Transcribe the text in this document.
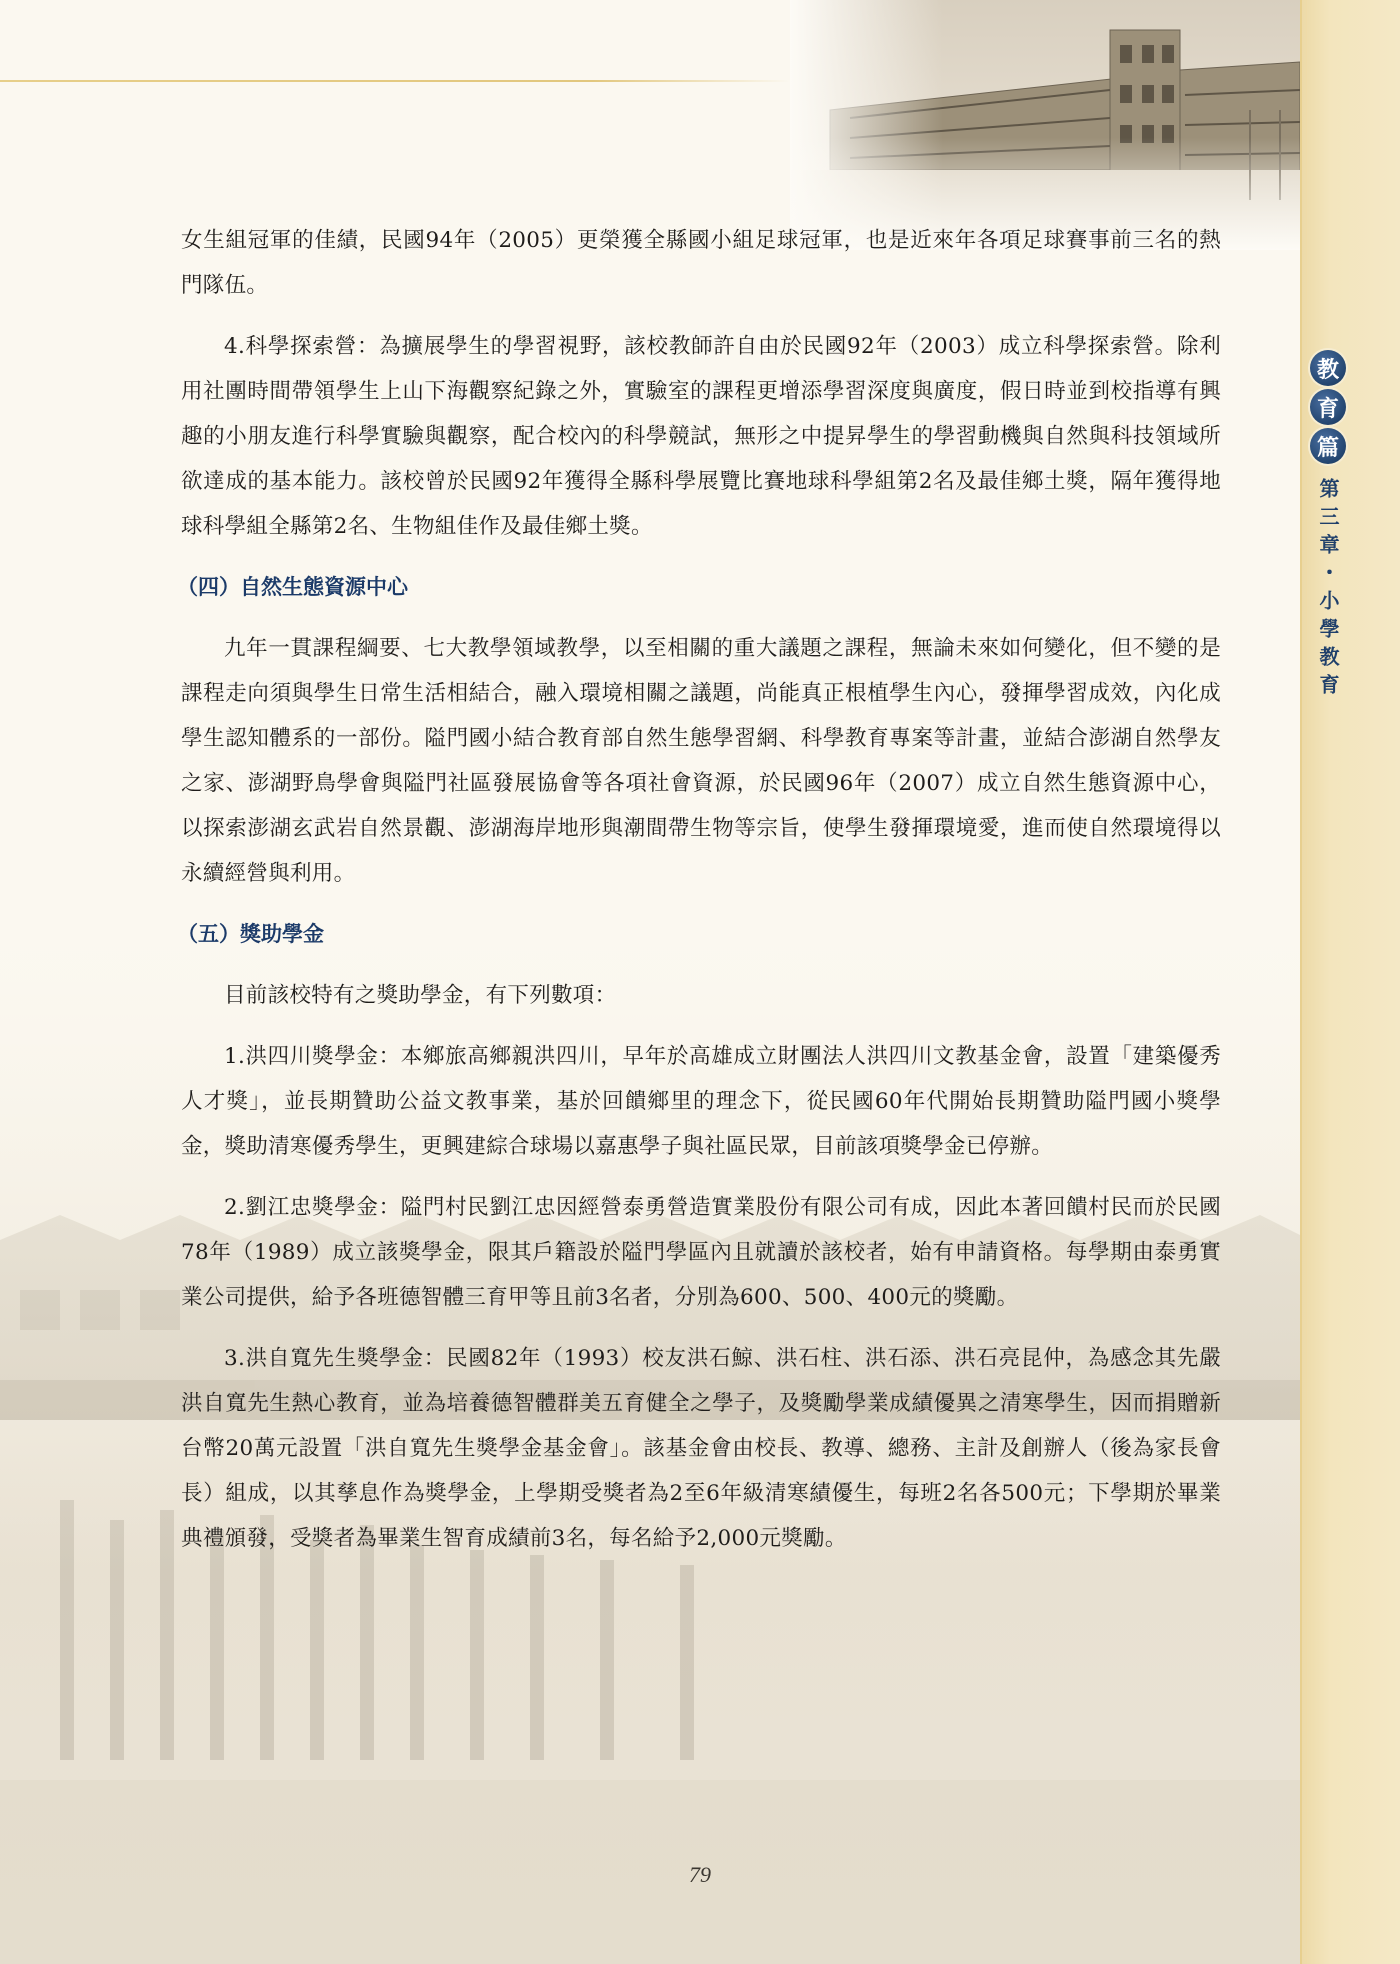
教
育
篇
第三章・小學教育

女生組冠軍的佳績，民國94年（2005）更榮獲全縣國小組足球冠軍，也是近來年各項足球賽事前三名的熱門隊伍。

4.科學探索營：為擴展學生的學習視野，該校教師許自由於民國92年（2003）成立科學探索營。除利用社團時間帶領學生上山下海觀察紀錄之外，實驗室的課程更增添學習深度與廣度，假日時並到校指導有興趣的小朋友進行科學實驗與觀察，配合校內的科學競試，無形之中提昇學生的學習動機與自然與科技領域所欲達成的基本能力。該校曾於民國92年獲得全縣科學展覽比賽地球科學組第2名及最佳鄉土獎，隔年獲得地球科學組全縣第2名、生物組佳作及最佳鄉土獎。

（四）自然生態資源中心

九年一貫課程綱要、七大教學領域教學，以至相關的重大議題之課程，無論未來如何變化，但不變的是課程走向須與學生日常生活相結合，融入環境相關之議題，尚能真正根植學生內心，發揮學習成效，內化成學生認知體系的一部份。隘門國小結合教育部自然生態學習網、科學教育專案等計畫，並結合澎湖自然學友之家、澎湖野鳥學會與隘門社區發展協會等各項社會資源，於民國96年（2007）成立自然生態資源中心，以探索澎湖玄武岩自然景觀、澎湖海岸地形與潮間帶生物等宗旨，使學生發揮環境愛，進而使自然環境得以永續經營與利用。

（五）獎助學金

目前該校特有之獎助學金，有下列數項：

1.洪四川獎學金：本鄉旅高鄉親洪四川，早年於高雄成立財團法人洪四川文教基金會，設置「建築優秀人才獎」，並長期贊助公益文教事業，基於回饋鄉里的理念下，從民國60年代開始長期贊助隘門國小獎學金，獎助清寒優秀學生，更興建綜合球場以嘉惠學子與社區民眾，目前該項獎學金已停辦。

2.劉江忠獎學金：隘門村民劉江忠因經營泰勇營造實業股份有限公司有成，因此本著回饋村民而於民國78年（1989）成立該獎學金，限其戶籍設於隘門學區內且就讀於該校者，始有申請資格。每學期由泰勇實業公司提供，給予各班德智體三育甲等且前3名者，分別為600、500、400元的獎勵。

3.洪自寬先生獎學金：民國82年（1993）校友洪石鯨、洪石柱、洪石添、洪石亮昆仲，為感念其先嚴洪自寬先生熱心教育，並為培養德智體群美五育健全之學子，及獎勵學業成績優異之清寒學生，因而捐贈新台幣20萬元設置「洪自寬先生獎學金基金會」。該基金會由校長、教導、總務、主計及創辦人（後為家長會長）組成，以其孳息作為獎學金，上學期受獎者為2至6年級清寒績優生，每班2名各500元；下學期於畢業典禮頒發，受獎者為畢業生智育成績前3名，每名給予2,000元獎勵。

79
